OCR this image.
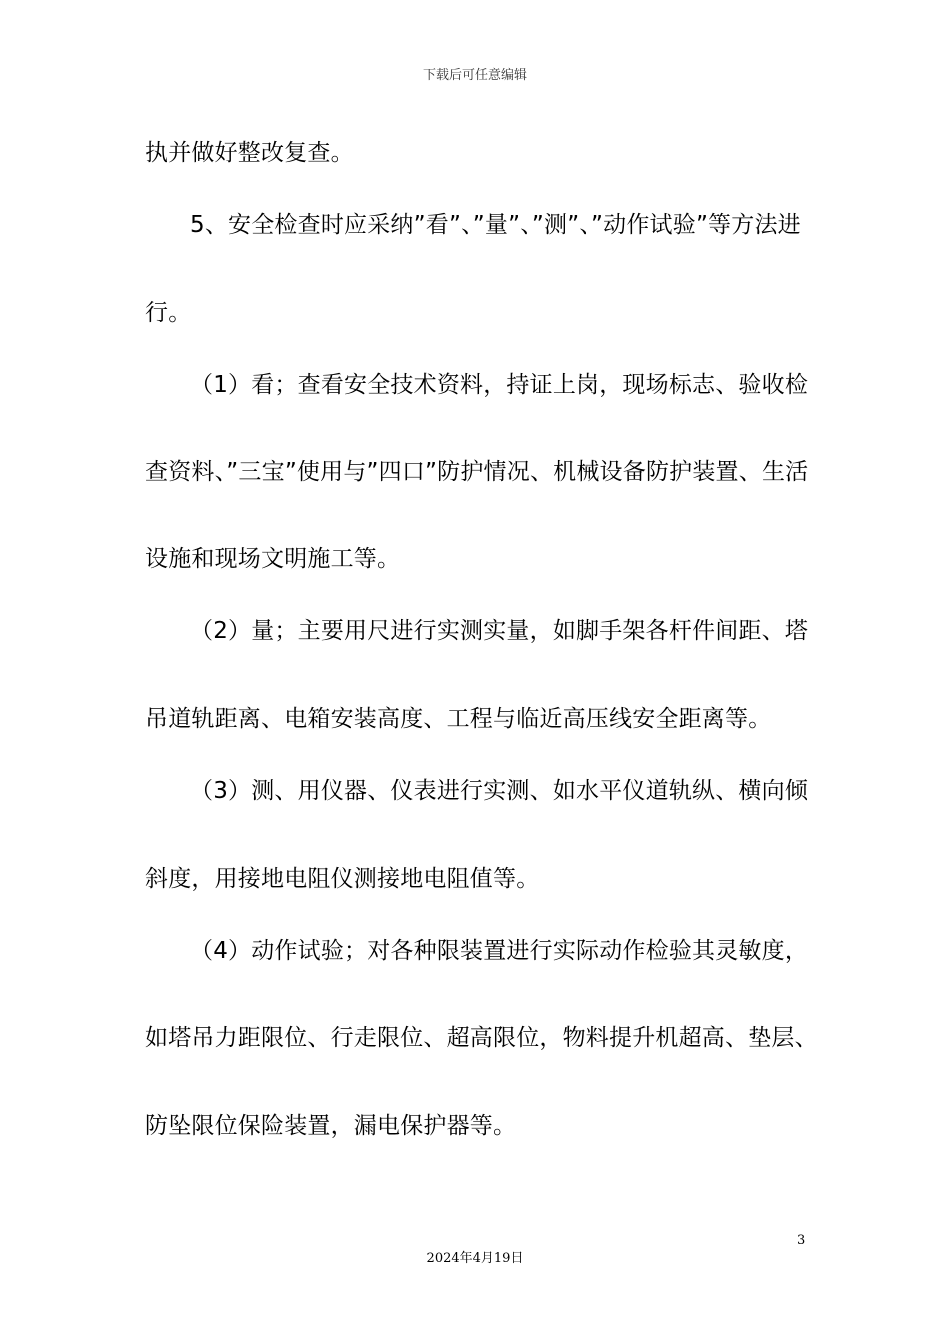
下载后可任意编辑
执并做好整改复查。
5、安全检查时应采纳”看”、”量”、”测”、”动作试验”等方法进
行。
（1）看；查看安全技术资料，持证上岗，现场标志、验收检
查资料、”三宝”使用与”四口”防护情况、机械设备防护装置、生活
设施和现场文明施工等。
（2）量；主要用尺进行实测实量，如脚手架各杆件间距、塔
吊道轨距离、电箱安装高度、工程与临近高压线安全距离等。
（3）测、用仪器、仪表进行实测、如水平仪道轨纵、横向倾
斜度，用接地电阻仪测接地电阻值等。
（4）动作试验；对各种限装置进行实际动作检验其灵敏度，
如塔吊力距限位、行走限位、超高限位，物料提升机超高、垫层、
防坠限位保险装置，漏电保护器等。
3
2024年4月19日
